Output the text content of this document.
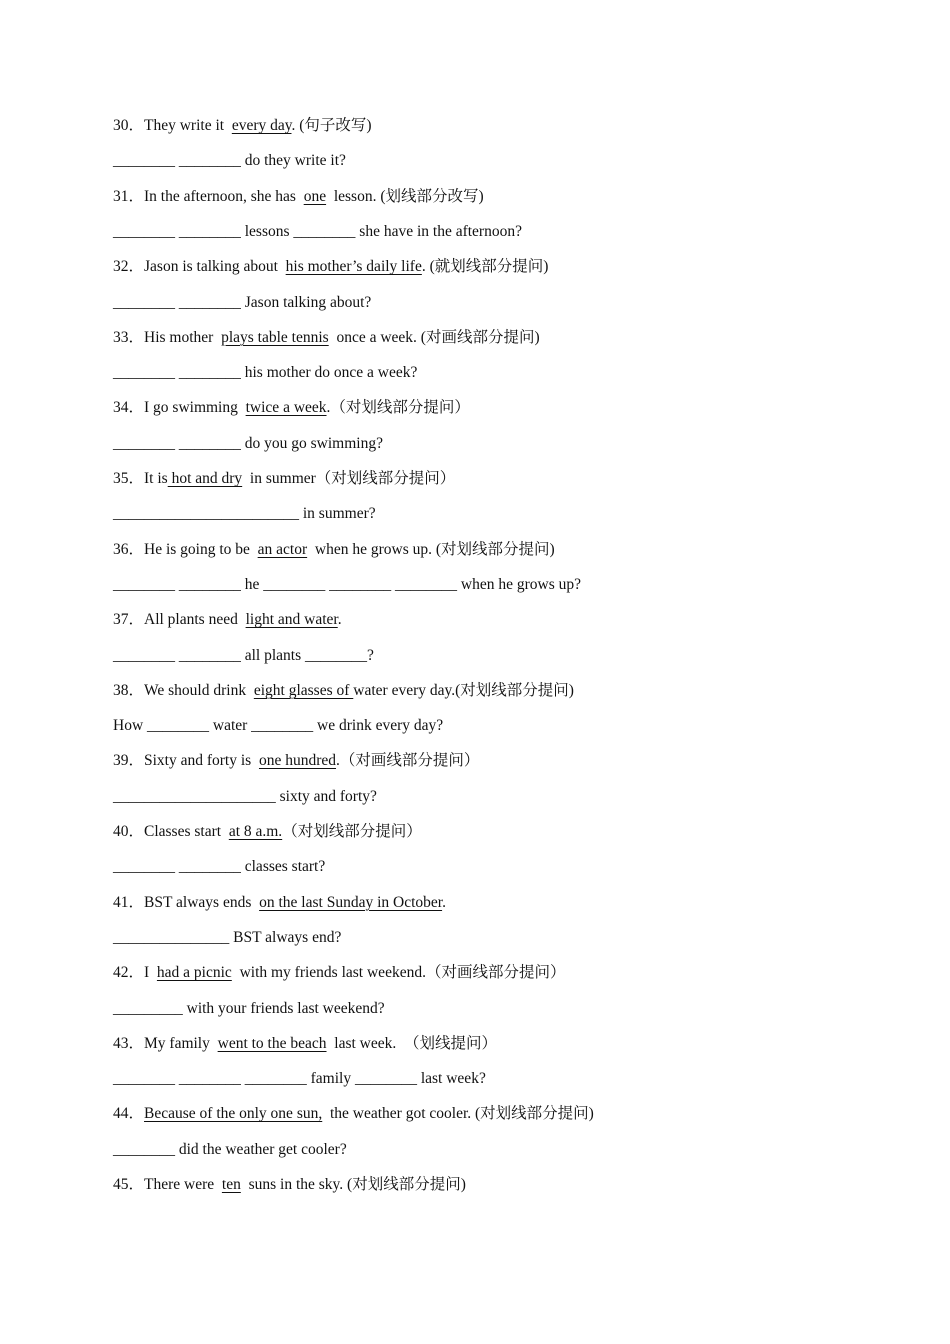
30．They write it  every day. (句子改写)
________ ________ do they write it?
31．In the afternoon, she has  one  lesson. (划线部分改写)
________ ________ lessons ________ she have in the afternoon?
32．Jason is talking about  his mother’s daily life. (就划线部分提问)
________ ________ Jason talking about?
33．His mother  plays table tennis  once a week. (对画线部分提问)
________ ________ his mother do once a week?
34．I go swimming  twice a week.（对划线部分提问）
________ ________ do you go swimming?
35．It is hot and dry  in summer（对划线部分提问）
________________________ in summer?
36．He is going to be  an actor  when he grows up. (对划线部分提问)
________ ________ he ________ ________ ________ when he grows up?
37．All plants need  light and water.
________ ________ all plants ________?
38．We should drink  eight glasses of water every day.(对划线部分提问)
How ________ water ________ we drink every day?
39．Sixty and forty is  one hundred.（对画线部分提问）
_____________________ sixty and forty?
40．Classes start  at 8 a.m.（对划线部分提问）
________ ________ classes start?
41．BST always ends  on the last Sunday in October.
_______________ BST always end?
42．I  had a picnic  with my friends last weekend.（对画线部分提问）
_________ with your friends last weekend?
43．My family  went to the beach  last week.  （划线提问）
________ ________ ________ family ________ last week?
44．Because of the only one sun,  the weather got cooler. (对划线部分提问)
________ did the weather get cooler?
45．There were  ten  suns in the sky. (对划线部分提问)
